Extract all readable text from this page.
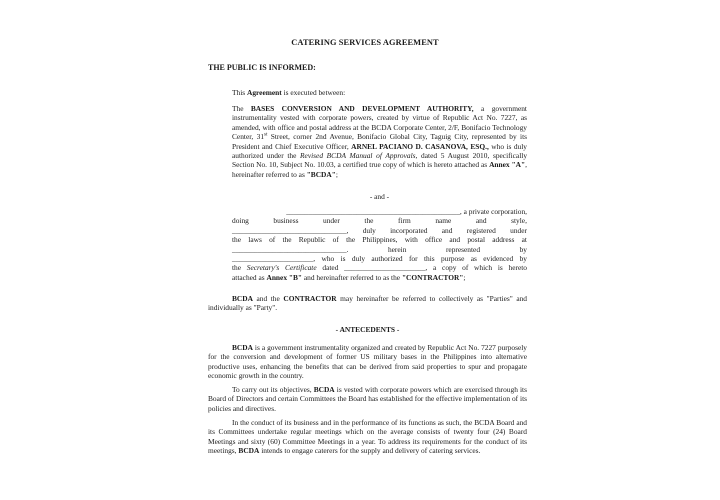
CATERING SERVICES AGREEMENT
THE PUBLIC IS INFORMED:
This Agreement is executed between:
The BASES CONVERSION AND DEVELOPMENT AUTHORITY, a government instrumentality vested with corporate powers, created by virtue of Republic Act No. 7227, as amended, with office and postal address at the BCDA Corporate Center, 2/F, Bonifacio Technology Center, 31st Street, corner 2nd Avenue, Bonifacio Global City, Taguig City, represented by its President and Chief Executive Officer, ARNEL PACIANO D. CASANOVA, ESQ., who is duly authorized under the Revised BCDA Manual of Approvals, dated 5 August 2010, specifically Section No. 10, Subject No. 10.03, a certified true copy of which is hereto attached as Annex "A", hereinafter referred to as "BCDA";
- and -
_______________________________________________, a private corporation,
doing	business	under	the	firm	name	and	style,
_______________________________, duly incorporated and registered under
the laws of the Republic of the Philippines, with office and postal address at
_______________________________.	herein	represented	by
______________________, who is duly authorized for this purpose as evidenced by
the Secretary's Certificate dated ______________________, a copy of which is hereto
attached as Annex "B" and hereinafter referred to as the "CONTRACTOR";
BCDA and the CONTRACTOR may hereinafter be referred to collectively as "Parties" and individually as "Party".
- ANTECEDENTS -
BCDA is a government instrumentality organized and created by Republic Act No. 7227 purposely for the conversion and development of former US military bases in the Philippines into alternative productive uses, enhancing the benefits that can be derived from said properties to spur and propagate economic growth in the country.
To carry out its objectives, BCDA is vested with corporate powers which are exercised through its Board of Directors and certain Committees the Board has established for the effective implementation of its policies and directives.
In the conduct of its business and in the performance of its functions as such, the BCDA Board and its Committees undertake regular meetings which on the average consists of twenty four (24) Board Meetings and sixty (60) Committee Meetings in a year. To address its requirements for the conduct of its meetings, BCDA intends to engage caterers for the supply and delivery of catering services.
